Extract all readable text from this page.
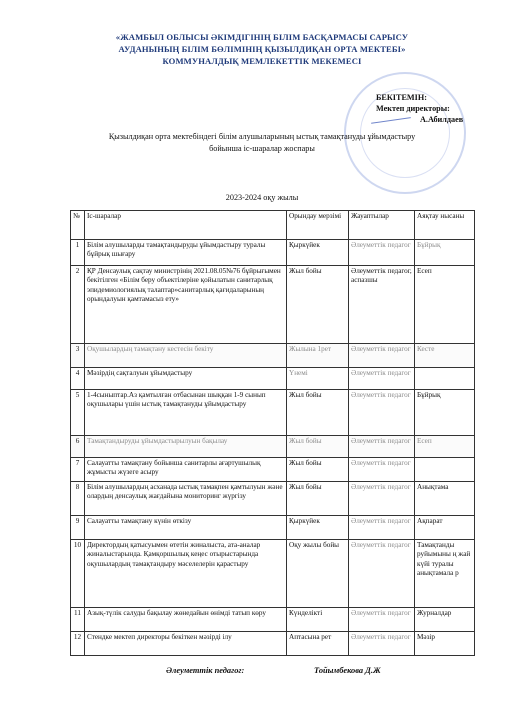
«ЖАМБЫЛ ОБЛЫСЫ ӘКІМДІГІНІҢ БІЛІМ БАСҚАРМАСЫ САРЫСУ
АУДАНЫНЫҢ БІЛІМ БӨЛІМІНІҢ ҚЫЗЫЛДИҚАН ОРТА МЕКТЕБІ»
КОММУНАЛДЫҚ МЕМЛЕКЕТТІК МЕКЕМЕСІ
БЕКІТЕМІН:
Мектеп директоры:
А.Абилдаев
Қызылдиқан орта мектебіндегі білім алушыларының ыстық тамақтануды ұйымдастыру
бойынша іс-шаралар жоспары
2023-2024 оқу жылы
№	Іс-шаралар	Орындау мерзімі	Жауаптылар	Аяқтау нысаны
1	Білім алушыларды тамақтандыруды ұйымдастыру туралы бұйрық шығару	Қыркүйек	Әлеуметтік педагог	Бұйрық
2	ҚР Денсаулық сақтау министрінің 2021.08.05№76 бұйрығымен бекітілген «Білім беру объектілеріне қойылатын санитарлық эпидемиологиялық талаптар»санитарлық қағидаларының орындалуын қамтамасыз ету»	Жыл бойы	Әлеуметтік педагог, аспазшы	Есеп
3	Оқушылардың тамақтану кестесін бекіту	Жылына 1рет	Әлеуметтік педагог	Кесте
4	Мәзірдің сақталуын ұйымдастыру	Үнемі	Әлеуметтік педагог	
5	1-4сыныптар.Аз қамтылған отбасынан шыққан 1-9 сынып оқушылары үшін ыстық тамақтануды ұйымдастыру	Жыл бойы	Әлеуметтік педагог	Бұйрық
6	Тамақтандыруды ұйымдастырылуын бақылау	Жыл бойы	Әлеуметтік педагог	Есеп
7	Салауатты тамақтану бойынша санитарлы ағартушылық жұмысты жүзеге асыру	Жыл бойы	Әлеуметтік педагог	
8	Білім алушылардың асханада ыстық тамақпен қамтылуын және олардың денсаулық жағдайына мониторинг жүргізу	Жыл бойы	Әлеуметтік педагог	Анықтама
9	Салауатты тамақтану күнін өткізу	Қыркүйек	Әлеуметтік педагог	Ақпарат
10	Директордың қатысуымен өтетін жиналыста, ата-аналар жиналыстарында. Қамқоршылық кеңес отырыстарында оқушылардың тамақтандыру мәселелерін қарастыру	Оқу жылы бойы	Әлеуметтік педагог	Тамақтанды руйымыны ң жай күйі туралы анықтамала р
11	Азық-түлік салуды бақылау жөнедайын өнімді татып көру	Күнделікті	Әлеуметтік педагог	Журналдар
12	Стендке мектеп директоры бекіткен мәзірді ілу	Аптасына рет	Әлеуметтік педагог	Мәзір
Әлеуметтік педагог:	Тойымбекова Д.Ж
